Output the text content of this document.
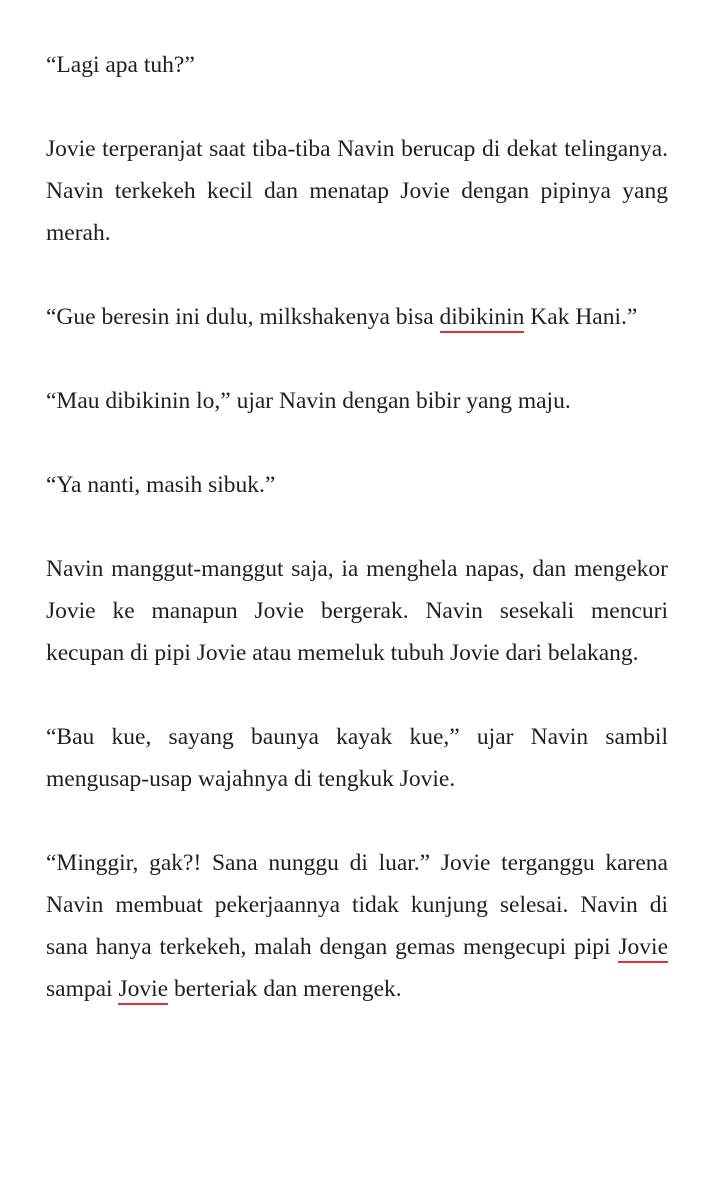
“Lagi apa tuh?”

Jovie terperanjat saat tiba-tiba Navin berucap di dekat telinganya. Navin terkekeh kecil dan menatap Jovie dengan pipinya yang merah.

“Gue beresin ini dulu, milkshakenya bisa dibikinin Kak Hani.”

“Mau dibikinin lo,” ujar Navin dengan bibir yang maju.

“Ya nanti, masih sibuk.”

Navin manggut-manggut saja, ia menghela napas, dan mengekor Jovie ke manapun Jovie bergerak. Navin sesekali mencuri kecupan di pipi Jovie atau memeluk tubuh Jovie dari belakang.

“Bau kue, sayang baunya kayak kue,” ujar Navin sambil mengusap-usap wajahnya di tengkuk Jovie.

“Minggir, gak?! Sana nunggu di luar.” Jovie terganggu karena Navin membuat pekerjaannya tidak kunjung selesai. Navin di sana hanya terkekeh, malah dengan gemas mengecupi pipi Jovie sampai Jovie berteriak dan merengek.
